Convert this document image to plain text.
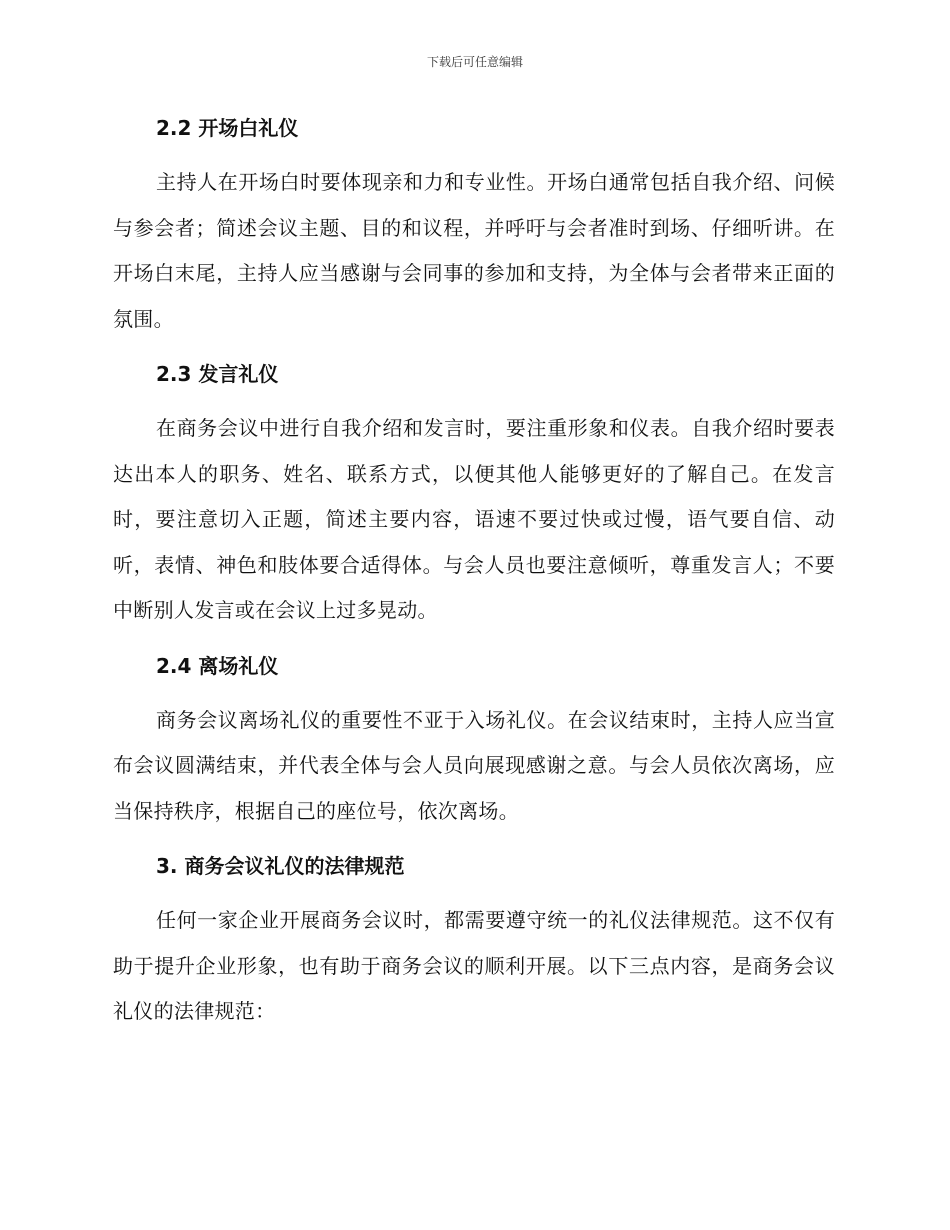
下载后可任意编辑
2.2 开场白礼仪

主持人在开场白时要体现亲和力和专业性。开场白通常包括自我介绍、问候与参会者；简述会议主题、目的和议程，并呼吁与会者准时到场、仔细听讲。在开场白末尾，主持人应当感谢与会同事的参加和支持，为全体与会者带来正面的氛围。

2.3 发言礼仪

在商务会议中进行自我介绍和发言时，要注重形象和仪表。自我介绍时要表达出本人的职务、姓名、联系方式，以便其他人能够更好的了解自己。在发言时，要注意切入正题，简述主要内容，语速不要过快或过慢，语气要自信、动听，表情、神色和肢体要合适得体。与会人员也要注意倾听，尊重发言人；不要中断别人发言或在会议上过多晃动。

2.4 离场礼仪

商务会议离场礼仪的重要性不亚于入场礼仪。在会议结束时，主持人应当宣布会议圆满结束，并代表全体与会人员向展现感谢之意。与会人员依次离场，应当保持秩序，根据自己的座位号，依次离场。

3. 商务会议礼仪的法律规范

任何一家企业开展商务会议时，都需要遵守统一的礼仪法律规范。这不仅有助于提升企业形象，也有助于商务会议的顺利开展。以下三点内容，是商务会议礼仪的法律规范：
